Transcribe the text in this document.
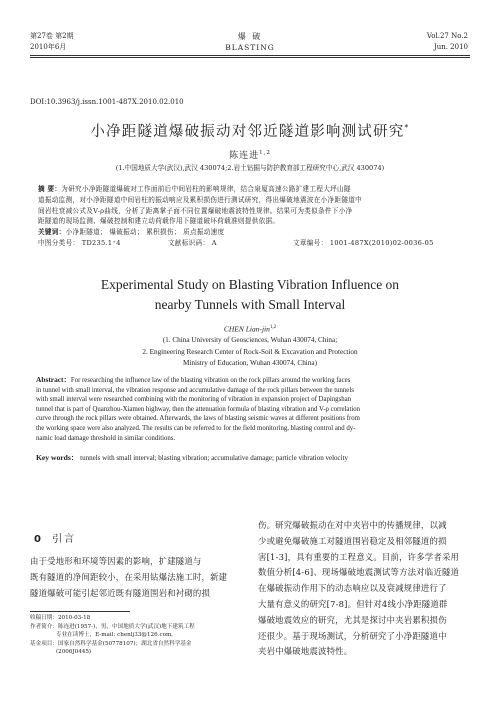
第27卷 第2期
2010年6月
爆 破
BLASTING
Vol.27 No.2
Jun. 2010
DOI:10.3963/j.issn.1001-487X.2010.02.010
小净距隧道爆破振动对邻近隧道影响测试研究*
陈连进$^{1,2}$
(1.中国地质大学(武汉),武汉 430074;2.岩土钻掘与防护教育部工程研究中心,武汉 430074)
摘 要：为研究小净距隧道爆破对工作面前后中间岩柱的影响规律，结合泉厦高速公路扩建工程大坪山隧
道振动监测，对小净距隧道中间岩柱的振动响应及累积损伤进行测试研究，得出爆破地震波在小净距隧道中
间岩柱衰减公式及V-ρ曲线，分析了距离掌子面不同位置爆破地震波特性规律。结果可为类似条件下小净
距隧道的现场监测、爆破控制和建立动荷载作用下隧道破坏荷载准则提供依据。
关键词：小净距隧道； 爆破振动； 累积损伤； 质点振动速度
中图分类号： TD235.1⁺4	文献标识码： A	文章编号： 1001-487X(2010)02-0036-05
Experimental Study on Blasting Vibration Influence on
nearby Tunnels with Small Interval
CHEN Lian-jin$^{1,2}$
(1. China University of Geosciences, Wuhan 430074, China;
2. Engineering Research Center of Rock-Soil & Excavation and Protection
Ministry of Education, Wuhan 430074, China)
Abstract：For researching the influence law of the blasting vibration on the rock pillars around the working faces
in tunnel with small interval, the vibration response and accumulative damage of the rock pillars between the tunnels
with small interval were researched combining with the monitoring of vibration in expansion project of Dapingshan
tunnel that is part of Quanzhou-Xiamen highway, then the attenuation formula of blasting vibration and V-ρ correlation
curve through the rock pillars were obtained. Afterwards, the laws of blasting seismic waves at different positions from
the working space were also analyzed. The results can be referred to for the field monitoring, blasting control and dy-
namic load damage threshold in similar conditions.
Key words： tunnels with small interval; blasting vibration; accumulative damage; particle vibration velocity
0 引言
由于受地形和环境等因素的影响，扩建隧道与
既有隧道的净间距较小，在采用钻爆法施工时，新建
隧道爆破可能引起邻近既有隧道围岩和衬砌的损
收稿日期：2010-03-18
作者简介：陈连进(1957-)，男，中国地质大学(武汉)地下建筑工程
专业在读博士，E-mail: chenlj33@126.com。
基金项目：国家自然科学基金(50778107)；湖北省自然科学基金
(2006J0445)
伤。研究爆破振动在对中夹岩中的传播规律，以减
少或避免爆破施工对隧道围岩稳定及相邻隧道的损
害[1-3]，具有重要的工程意义。目前，许多学者采用
数值分析[4-6]、现场爆破地震测试等方法对临近隧道
在爆破振动作用下的动态响应以及衰减规律进行了
大量有意义的研究[7-8]。但针对4线小净距隧道群
爆破地震效应的研究，尤其是探讨中夹岩累积损伤
还很少。基于现场测试，分析研究了小净距隧道中
夹岩中爆破地震波特性。
